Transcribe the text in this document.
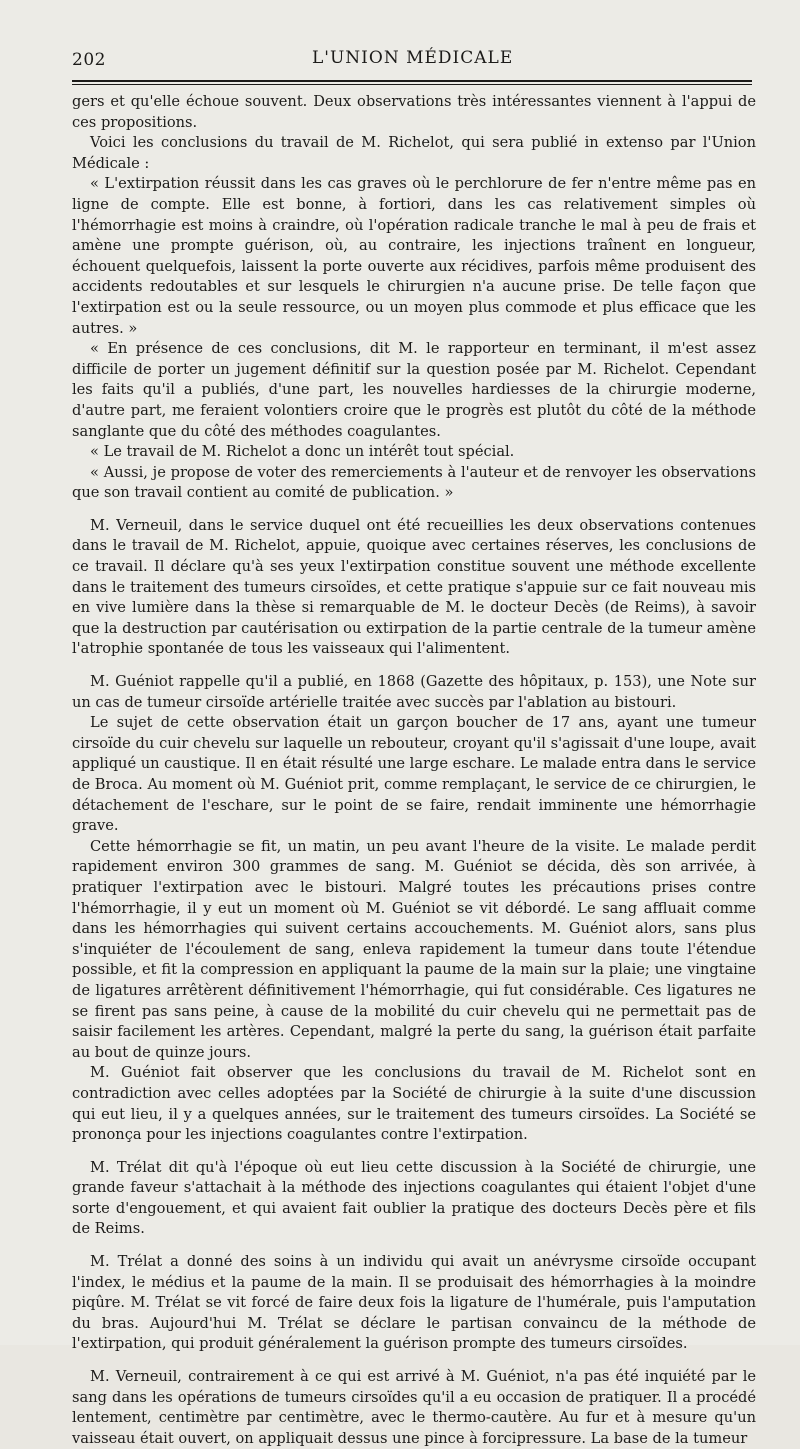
202	L'UNION MÉDICALE

gers et qu'elle échoue souvent. Deux observations très intéressantes viennent à l'appui de ces propositions.

Voici les conclusions du travail de M. Richelot, qui sera publié in extenso par l'Union Médicale :

« L'extirpation réussit dans les cas graves où le perchlorure de fer n'entre même pas en ligne de compte. Elle est bonne, à fortiori, dans les cas relativement simples où l'hémorrhagie est moins à craindre, où l'opération radicale tranche le mal à peu de frais et amène une prompte guérison, où, au contraire, les injections traînent en longueur, échouent quelquefois, laissent la porte ouverte aux récidives, parfois même produisent des accidents redoutables et sur lesquels le chirurgien n'a aucune prise. De telle façon que l'extirpation est ou la seule ressource, ou un moyen plus commode et plus efficace que les autres. »

« En présence de ces conclusions, dit M. le rapporteur en terminant, il m'est assez difficile de porter un jugement définitif sur la question posée par M. Richelot. Cependant les faits qu'il a publiés, d'une part, les nouvelles hardiesses de la chirurgie moderne, d'autre part, me feraient volontiers croire que le progrès est plutôt du côté de la méthode sanglante que du côté des méthodes coagulantes.

« Le travail de M. Richelot a donc un intérêt tout spécial.

« Aussi, je propose de voter des remerciements à l'auteur et de renvoyer les observations que son travail contient au comité de publication. »

M. Verneuil, dans le service duquel ont été recueillies les deux observations contenues dans le travail de M. Richelot, appuie, quoique avec certaines réserves, les conclusions de ce travail. Il déclare qu'à ses yeux l'extirpation constitue souvent une méthode excellente dans le traitement des tumeurs cirsoïdes, et cette pratique s'appuie sur ce fait nouveau mis en vive lumière dans la thèse si remarquable de M. le docteur Decès (de Reims), à savoir que la destruction par cautérisation ou extirpation de la partie centrale de la tumeur amène l'atrophie spontanée de tous les vaisseaux qui l'alimentent.

M. Guéniot rappelle qu'il a publié, en 1868 (Gazette des hôpitaux, p. 153), une Note sur un cas de tumeur cirsoïde artérielle traitée avec succès par l'ablation au bistouri.

Le sujet de cette observation était un garçon boucher de 17 ans, ayant une tumeur cirsoïde du cuir chevelu sur laquelle un rebouteur, croyant qu'il s'agissait d'une loupe, avait appliqué un caustique. Il en était résulté une large eschare. Le malade entra dans le service de Broca. Au moment où M. Guéniot prit, comme remplaçant, le service de ce chirurgien, le détachement de l'eschare, sur le point de se faire, rendait imminente une hémorrhagie grave.

Cette hémorrhagie se fit, un matin, un peu avant l'heure de la visite. Le malade perdit rapidement environ 300 grammes de sang. M. Guéniot se décida, dès son arrivée, à pratiquer l'extirpation avec le bistouri. Malgré toutes les précautions prises contre l'hémorrhagie, il y eut un moment où M. Guéniot se vit débordé. Le sang affluait comme dans les hémorrhagies qui suivent certains accouchements. M. Guéniot alors, sans plus s'inquiéter de l'écoulement de sang, enleva rapidement la tumeur dans toute l'étendue possible, et fit la compression en appliquant la paume de la main sur la plaie; une vingtaine de ligatures arrêtèrent définitivement l'hémorrhagie, qui fut considérable. Ces ligatures ne se firent pas sans peine, à cause de la mobilité du cuir chevelu qui ne permettait pas de saisir facilement les artères. Cependant, malgré la perte du sang, la guérison était parfaite au bout de quinze jours.

M. Guéniot fait observer que les conclusions du travail de M. Richelot sont en contradiction avec celles adoptées par la Société de chirurgie à la suite d'une discussion qui eut lieu, il y a quelques années, sur le traitement des tumeurs cirsoïdes. La Société se prononça pour les injections coagulantes contre l'extirpation.

M. Trélat dit qu'à l'époque où eut lieu cette discussion à la Société de chirurgie, une grande faveur s'attachait à la méthode des injections coagulantes qui étaient l'objet d'une sorte d'engouement, et qui avaient fait oublier la pratique des docteurs Decès père et fils de Reims.

M. Trélat a donné des soins à un individu qui avait un anévrysme cirsoïde occupant l'index, le médius et la paume de la main. Il se produisait des hémorrhagies à la moindre piqûre. M. Trélat se vit forcé de faire deux fois la ligature de l'humérale, puis l'amputation du bras. Aujourd'hui M. Trélat se déclare le partisan convaincu de la méthode de l'extirpation, qui produit généralement la guérison prompte des tumeurs cirsoïdes.

M. Verneuil, contrairement à ce qui est arrivé à M. Guéniot, n'a pas été inquiété par le sang dans les opérations de tumeurs cirsoïdes qu'il a eu occasion de pratiquer. Il a procédé lentement, centimètre par centimètre, avec le thermo-cautère. Au fur et à mesure qu'un vaisseau était ouvert, on appliquait dessus une pince à forcipressure. La base de la tumeur
